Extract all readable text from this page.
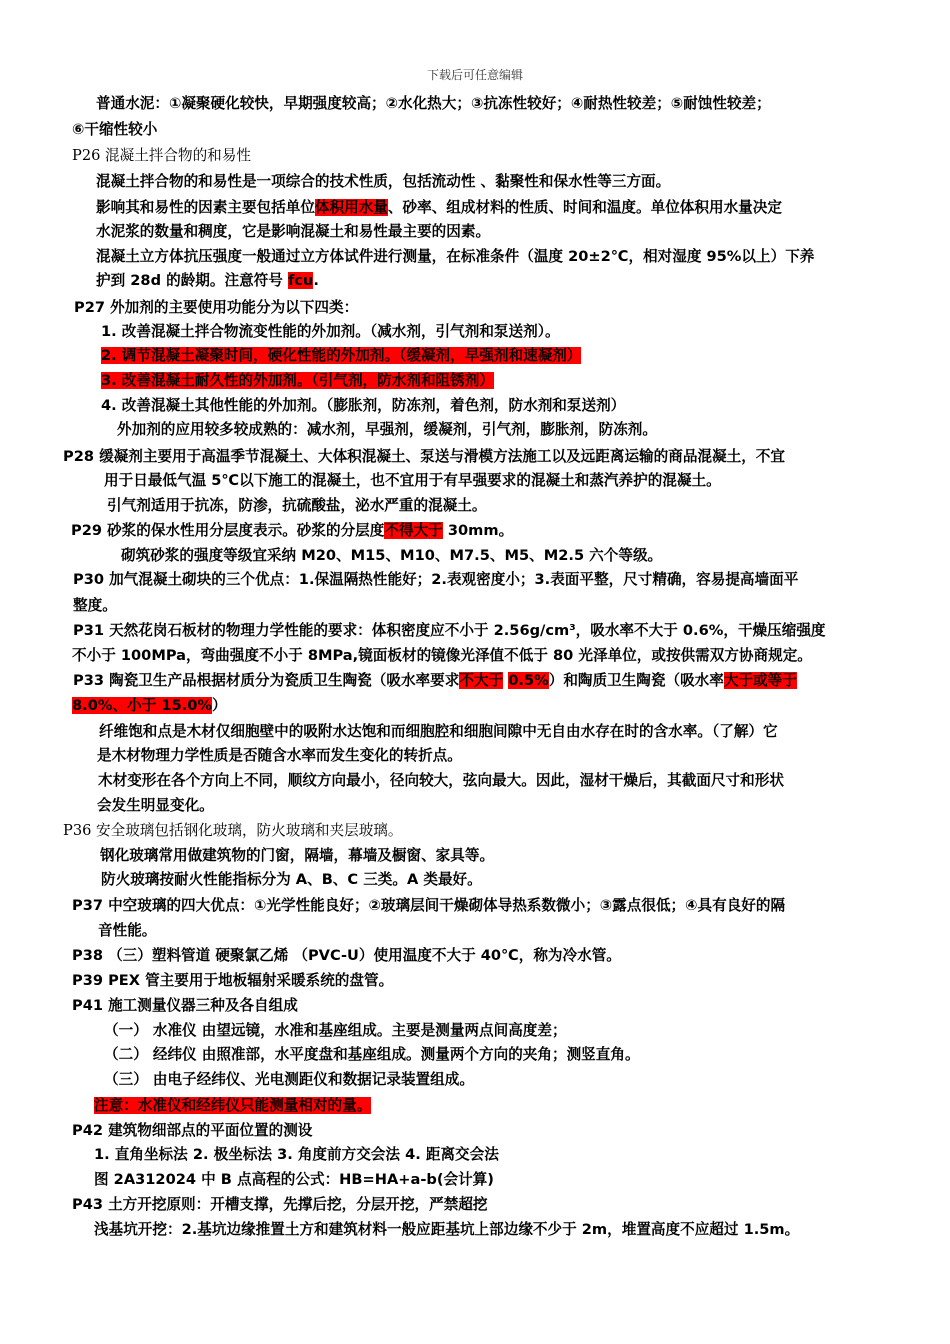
下载后可任意编辑
普通水泥：①凝聚硬化较快，早期强度较高；②水化热大；③抗冻性较好；④耐热性较差；⑤耐蚀性较差；
⑥干缩性较小
P26 混凝土拌合物的和易性
混凝土拌合物的和易性是一项综合的技术性质，包括流动性 、黏聚性和保水性等三方面。
影响其和易性的因素主要包括单位体积用水量、砂率、组成材料的性质、时间和温度。单位体积用水量决定
水泥浆的数量和稠度，它是影响混凝土和易性最主要的因素。
混凝土立方体抗压强度一般通过立方体试件进行测量，在标准条件（温度 20±2℃，相对湿度 95%以上）下养
护到 28d 的龄期。注意符号 fcu.
P27 外加剂的主要使用功能分为以下四类：
1. 改善混凝土拌合物流变性能的外加剂。（减水剂，引气剂和泵送剂）。
2. 调节混凝土凝聚时间，硬化性能的外加剂。（缓凝剂，早强剂和速凝剂）
3. 改善混凝土耐久性的外加剂。（引气剂，防水剂和阻锈剂）
4. 改善混凝土其他性能的外加剂。（膨胀剂，防冻剂，着色剂，防水剂和泵送剂）
外加剂的应用较多较成熟的：减水剂，早强剂，缓凝剂，引气剂，膨胀剂，防冻剂。
P28 缓凝剂主要用于高温季节混凝土、大体积混凝土、泵送与滑模方法施工以及远距离运输的商品混凝土，不宜
用于日最低气温 5℃以下施工的混凝土，也不宜用于有早强要求的混凝土和蒸汽养护的混凝土。
引气剂适用于抗冻，防渗，抗硫酸盐，泌水严重的混凝土。
P29 砂浆的保水性用分层度表示。砂浆的分层度不得大于 30mm。
砌筑砂浆的强度等级宜采纳 M20、M15、M10、M7.5、M5、M2.5 六个等级。
P30 加气混凝土砌块的三个优点：1.保温隔热性能好；2.表观密度小；3.表面平整，尺寸精确，容易提高墙面平
整度。
P31 天然花岗石板材的物理力学性能的要求：体积密度应不小于 2.56g/cm³，吸水率不大于 0.6%，干燥压缩强度
不小于 100MPa，弯曲强度不小于 8MPa,镜面板材的镜像光泽值不低于 80 光泽单位，或按供需双方协商规定。
P33 陶瓷卫生产品根据材质分为瓷质卫生陶瓷（吸水率要求不大于 0.5%）和陶质卫生陶瓷（吸水率大于或等于
8.0%、小于 15.0%）
纤维饱和点是木材仅细胞壁中的吸附水达饱和而细胞腔和细胞间隙中无自由水存在时的含水率。（了解）它
是木材物理力学性质是否随含水率而发生变化的转折点。
木材变形在各个方向上不同，顺纹方向最小，径向较大，弦向最大。因此，湿材干燥后，其截面尺寸和形状
会发生明显变化。
P36 安全玻璃包括钢化玻璃，防火玻璃和夹层玻璃。
钢化玻璃常用做建筑物的门窗，隔墙，幕墙及橱窗、家具等。
防火玻璃按耐火性能指标分为 A、B、C 三类。A 类最好。
P37 中空玻璃的四大优点：①光学性能良好；②玻璃层间干燥砌体导热系数微小；③露点很低；④具有良好的隔
音性能。
P38 （三）塑料管道 硬聚氯乙烯 （PVC-U）使用温度不大于 40℃，称为冷水管。
P39 PEX 管主要用于地板辐射采暖系统的盘管。
P41 施工测量仪器三种及各自组成
（一） 水准仪 由望远镜，水准和基座组成。主要是测量两点间高度差；
（二） 经纬仪 由照准部，水平度盘和基座组成。测量两个方向的夹角；测竖直角。
（三） 由电子经纬仪、光电测距仪和数据记录装置组成。
注意：水准仪和经纬仪只能测量相对的量。
P42 建筑物细部点的平面位置的测设
1. 直角坐标法 2. 极坐标法 3. 角度前方交会法 4. 距离交会法
图 2A312024 中 B 点高程的公式：HB=HA+a-b(会计算)
P43 土方开挖原则：开槽支撑，先撑后挖，分层开挖，严禁超挖
浅基坑开挖：2.基坑边缘推置土方和建筑材料一般应距基坑上部边缘不少于 2m，堆置高度不应超过 1.5m。
